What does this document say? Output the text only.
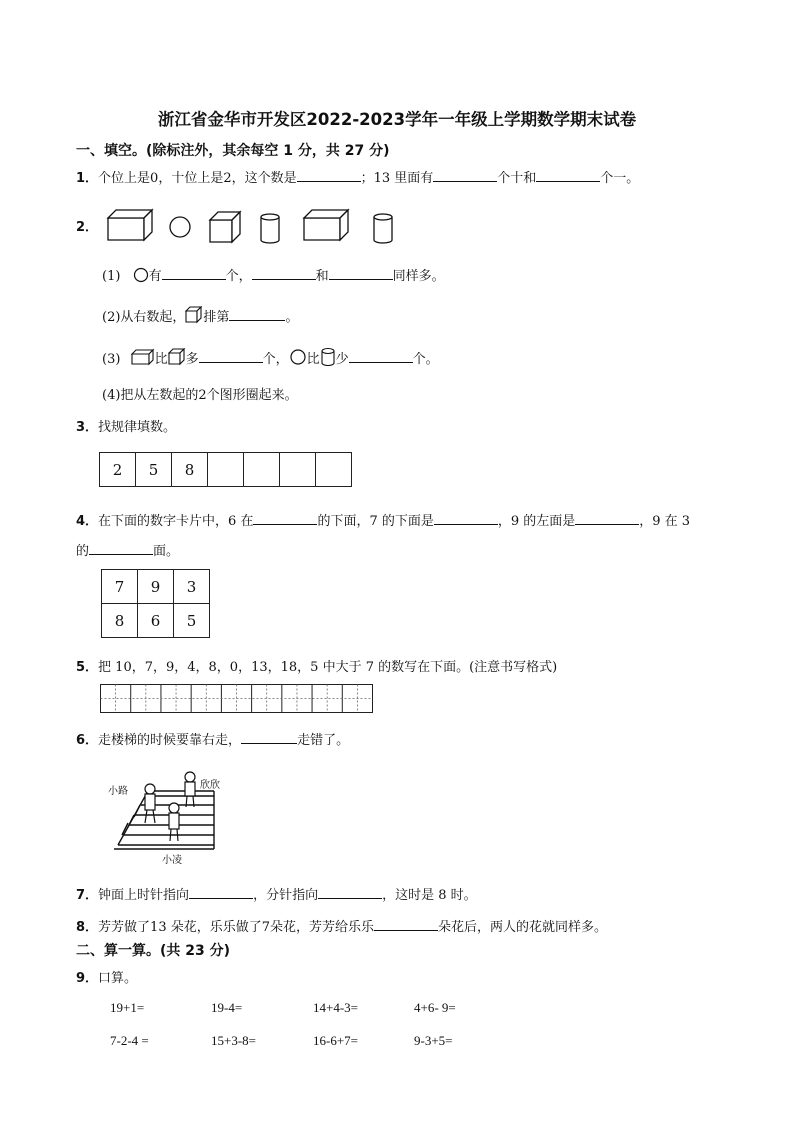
浙江省金华市开发区2022-2023学年一年级上学期数学期末试卷
一、填空。(除标注外，其余每空 1 分，共 27 分)
1．个位上是0，十位上是2，这个数是	；13 里面有	个十和	个一。
2．
(1) 有	个，	和	同样多。
(2)从右数起， 排第	。
(3)	比 多	个， 比 少	个。
(4)把从左数起的2个图形圈起来。
3．找规律填数。
2	5	8				
4．在下面的数字卡片中，6 在	的下面，7 的下面是	，9 的左面是	，9 在 3
的	面。
7	9	3
8	6	5
5．把 10，7，9，4，8，0，13，18，5 中大于 7 的数写在下面。(注意书写格式)
6．走楼梯的时候要靠右走，	走错了。
小路
欣欣
小凌
7．钟面上时针指向	，分针指向	，这时是 8 时。
8．芳芳做了13 朵花，乐乐做了7朵花，芳芳给乐乐	朵花后，两人的花就同样多。
二、算一算。(共 23 分)
9．口算。
19+1=	19-4=	14+4-3=	4+6- 9=
7-2-4 =	15+3-8=	16-6+7=	9-3+5=
